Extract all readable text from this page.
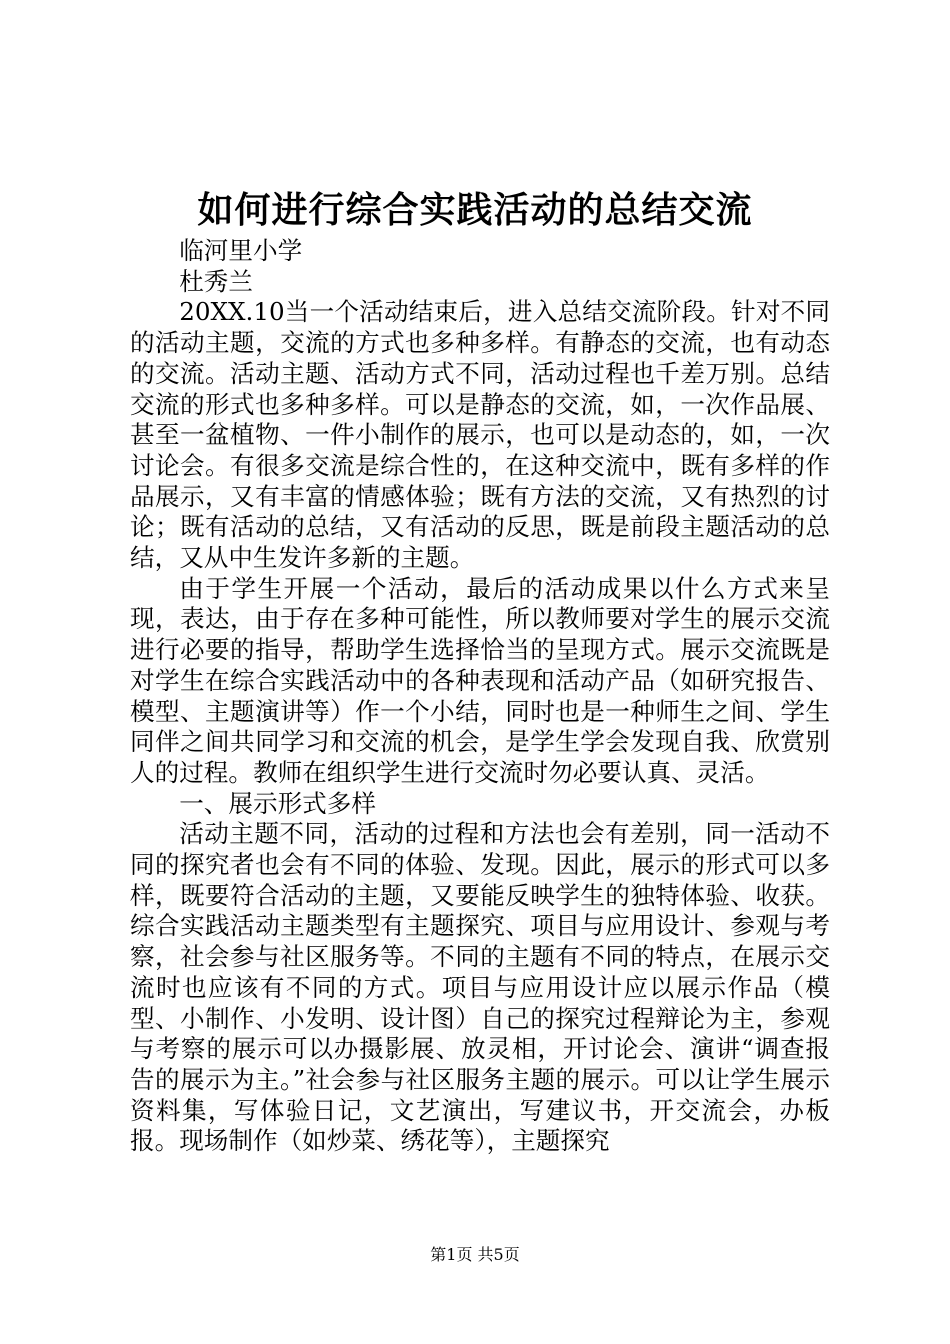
如何进行综合实践活动的总结交流

临河里小学

杜秀兰

20XX.10当一个活动结束后，进入总结交流阶段。针对不同的活动主题，交流的方式也多种多样。有静态的交流，也有动态的交流。活动主题、活动方式不同，活动过程也千差万别。总结交流的形式也多种多样。可以是静态的交流，如，一次作品展、甚至一盆植物、一件小制作的展示，也可以是动态的，如，一次讨论会。有很多交流是综合性的，在这种交流中，既有多样的作品展示，又有丰富的情感体验；既有方法的交流，又有热烈的讨论；既有活动的总结，又有活动的反思，既是前段主题活动的总结，又从中生发许多新的主题。

由于学生开展一个活动，最后的活动成果以什么方式来呈现，表达，由于存在多种可能性，所以教师要对学生的展示交流进行必要的指导，帮助学生选择恰当的呈现方式。展示交流既是对学生在综合实践活动中的各种表现和活动产品（如研究报告、模型、主题演讲等）作一个小结，同时也是一种师生之间、学生同伴之间共同学习和交流的机会，是学生学会发现自我、欣赏别人的过程。教师在组织学生进行交流时勿必要认真、灵活。

一、展示形式多样

活动主题不同，活动的过程和方法也会有差别，同一活动不同的探究者也会有不同的体验、发现。因此，展示的形式可以多样，既要符合活动的主题，又要能反映学生的独特体验、收获。综合实践活动主题类型有主题探究、项目与应用设计、参观与考察，社会参与社区服务等。不同的主题有不同的特点，在展示交流时也应该有不同的方式。项目与应用设计应以展示作品（模型、小制作、小发明、设计图）自己的探究过程辩论为主，参观与考察的展示可以办摄影展、放灵相，开讨论会、演讲“调查报告的展示为主。”社会参与社区服务主题的展示。可以让学生展示资料集，写体验日记，文艺演出，写建议书，开交流会，办板报。现场制作（如炒菜、绣花等），主题探究

第1页 共5页
